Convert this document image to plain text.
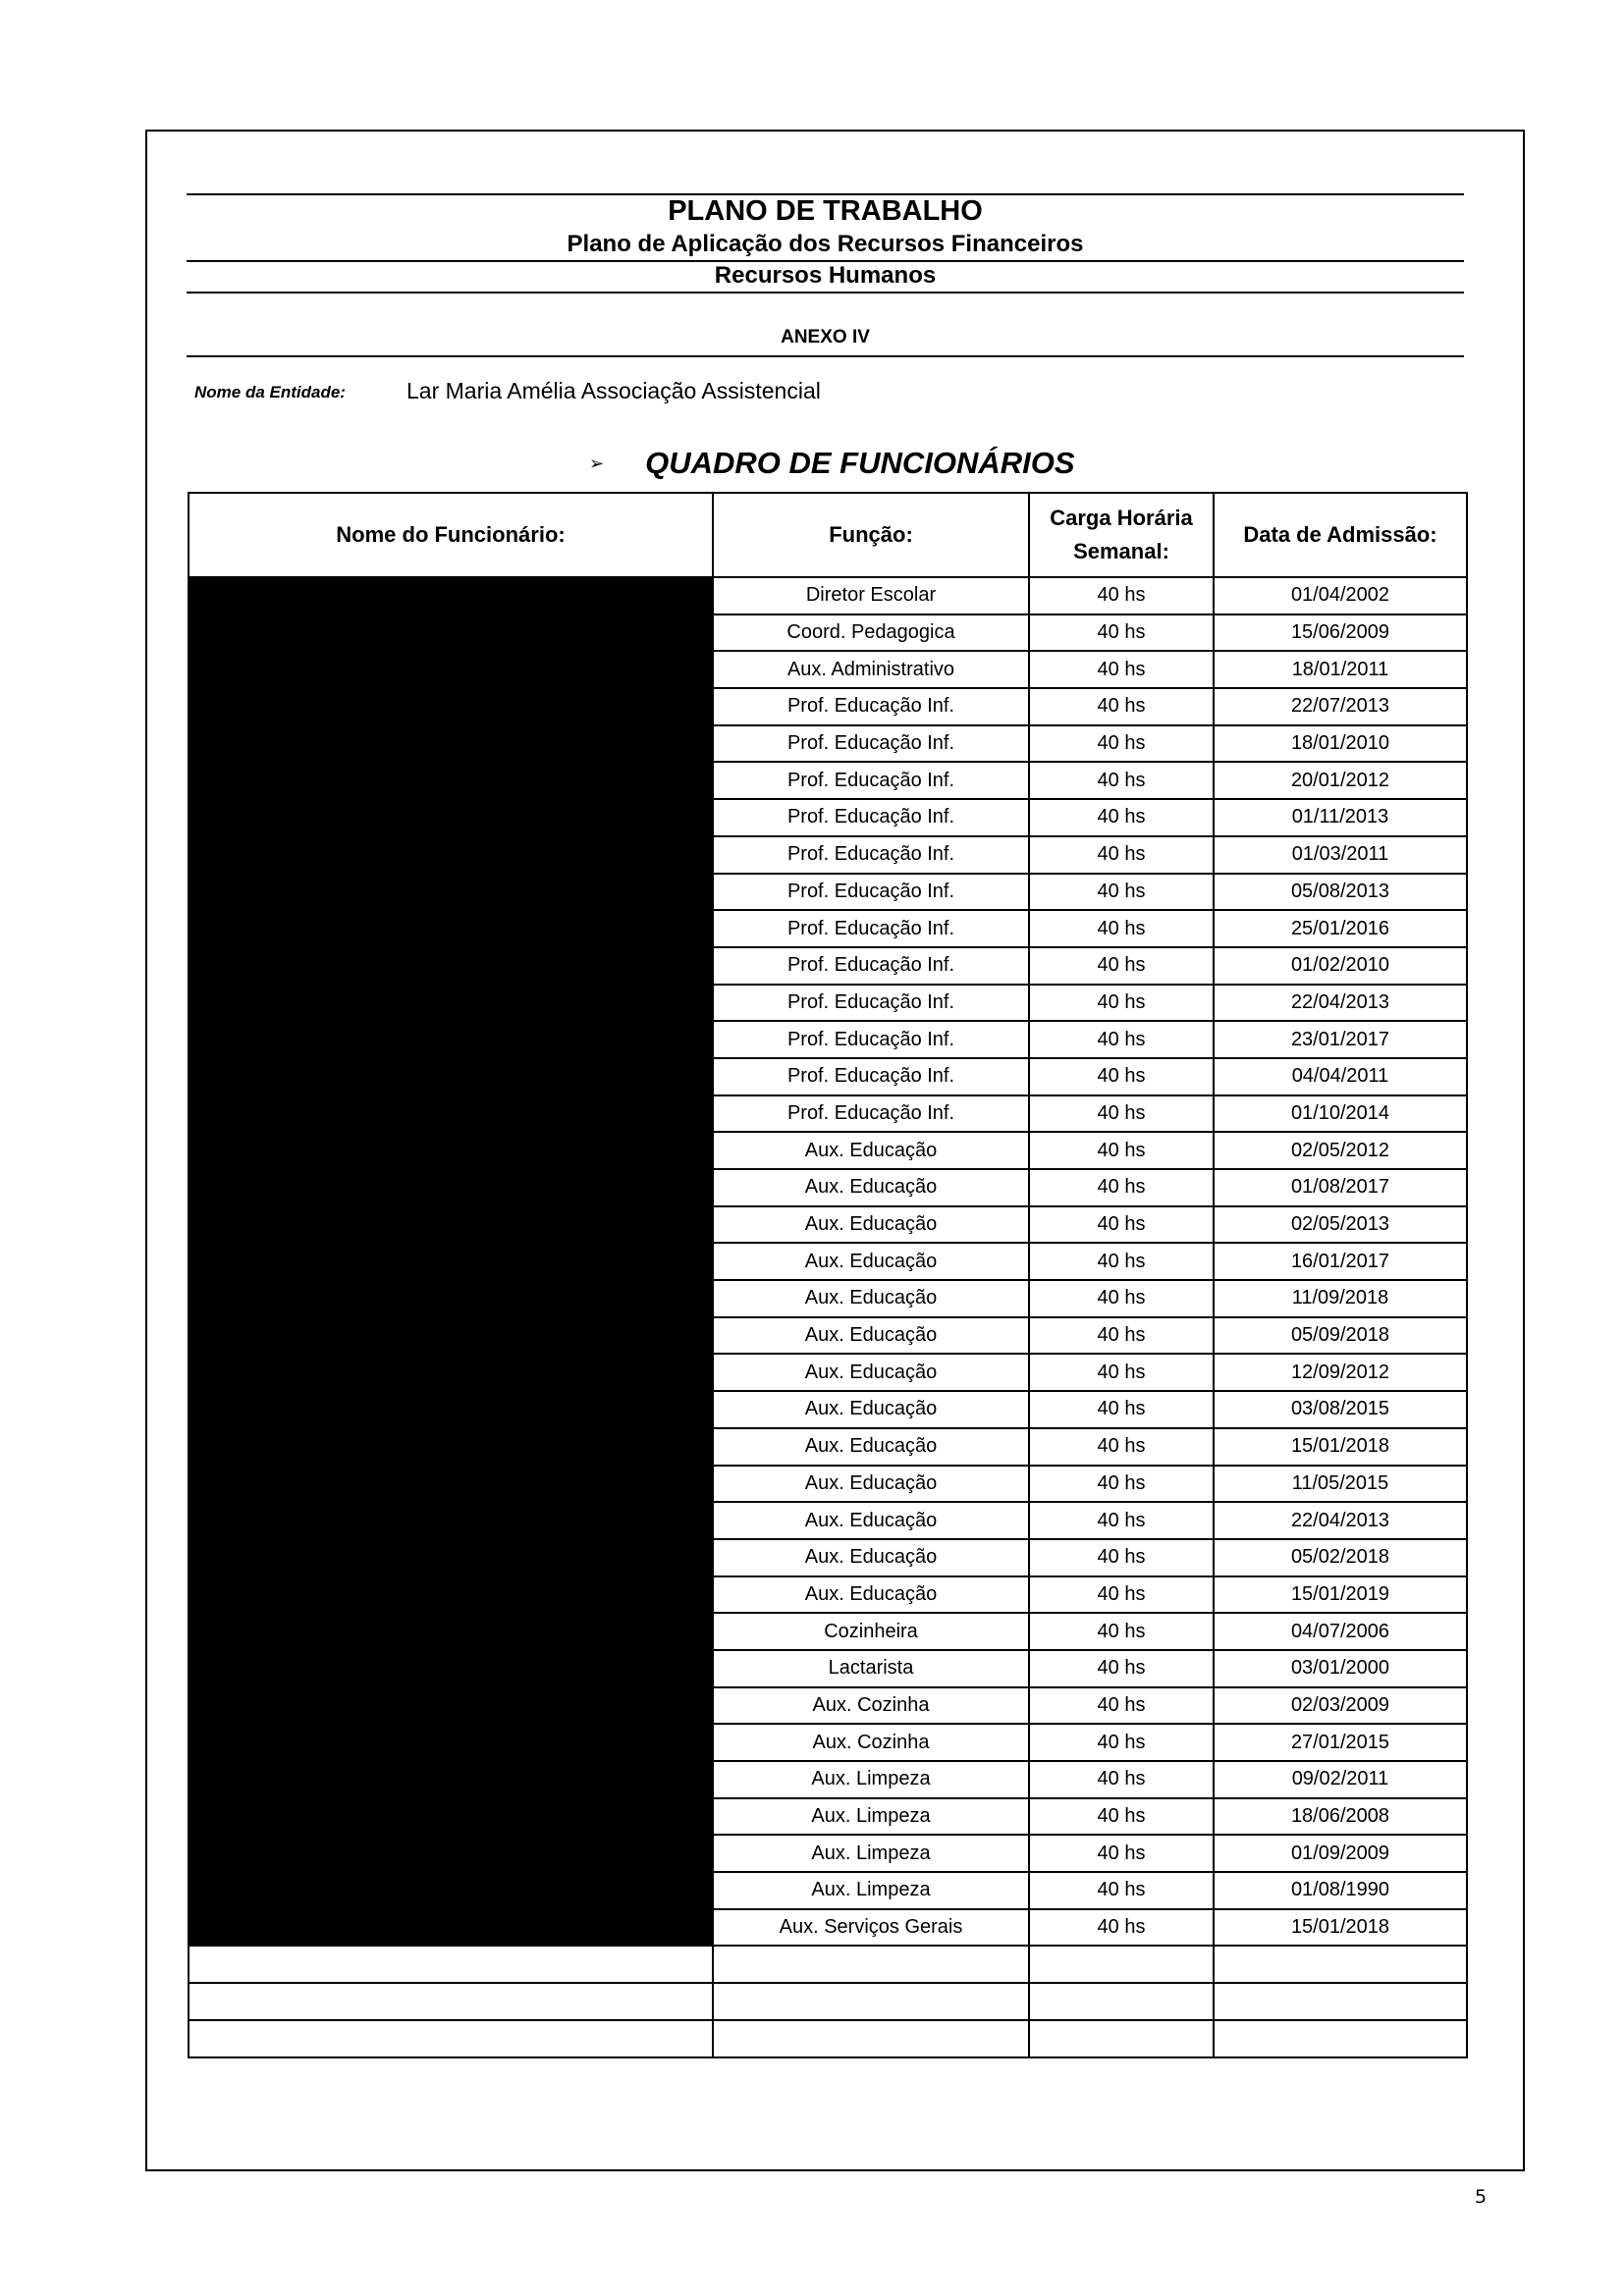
PLANO DE TRABALHO
Plano de Aplicação dos Recursos Financeiros
Recursos Humanos
ANEXO IV
Nome da Entidade:	Lar Maria Amélia Associação Assistencial
➢ QUADRO DE FUNCIONÁRIOS
Nome do Funcionário:	Função:	Carga Horária Semanal:	Data de Admissão:
	Diretor Escolar	40 hs	01/04/2002
	Coord. Pedagogica	40 hs	15/06/2009
	Aux. Administrativo	40 hs	18/01/2011
	Prof. Educação Inf.	40 hs	22/07/2013
	Prof. Educação Inf.	40 hs	18/01/2010
	Prof. Educação Inf.	40 hs	20/01/2012
	Prof. Educação Inf.	40 hs	01/11/2013
	Prof. Educação Inf.	40 hs	01/03/2011
	Prof. Educação Inf.	40 hs	05/08/2013
	Prof. Educação Inf.	40 hs	25/01/2016
	Prof. Educação Inf.	40 hs	01/02/2010
	Prof. Educação Inf.	40 hs	22/04/2013
	Prof. Educação Inf.	40 hs	23/01/2017
	Prof. Educação Inf.	40 hs	04/04/2011
	Prof. Educação Inf.	40 hs	01/10/2014
	Aux. Educação	40 hs	02/05/2012
	Aux. Educação	40 hs	01/08/2017
	Aux. Educação	40 hs	02/05/2013
	Aux. Educação	40 hs	16/01/2017
	Aux. Educação	40 hs	11/09/2018
	Aux. Educação	40 hs	05/09/2018
	Aux. Educação	40 hs	12/09/2012
	Aux. Educação	40 hs	03/08/2015
	Aux. Educação	40 hs	15/01/2018
	Aux. Educação	40 hs	11/05/2015
	Aux. Educação	40 hs	22/04/2013
	Aux. Educação	40 hs	05/02/2018
	Aux. Educação	40 hs	15/01/2019
	Cozinheira	40 hs	04/07/2006
	Lactarista	40 hs	03/01/2000
	Aux. Cozinha	40 hs	02/03/2009
	Aux. Cozinha	40 hs	27/01/2015
	Aux. Limpeza	40 hs	09/02/2011
	Aux. Limpeza	40 hs	18/06/2008
	Aux. Limpeza	40 hs	01/09/2009
	Aux. Limpeza	40 hs	01/08/1990
	Aux. Serviços Gerais	40 hs	15/01/2018

5
